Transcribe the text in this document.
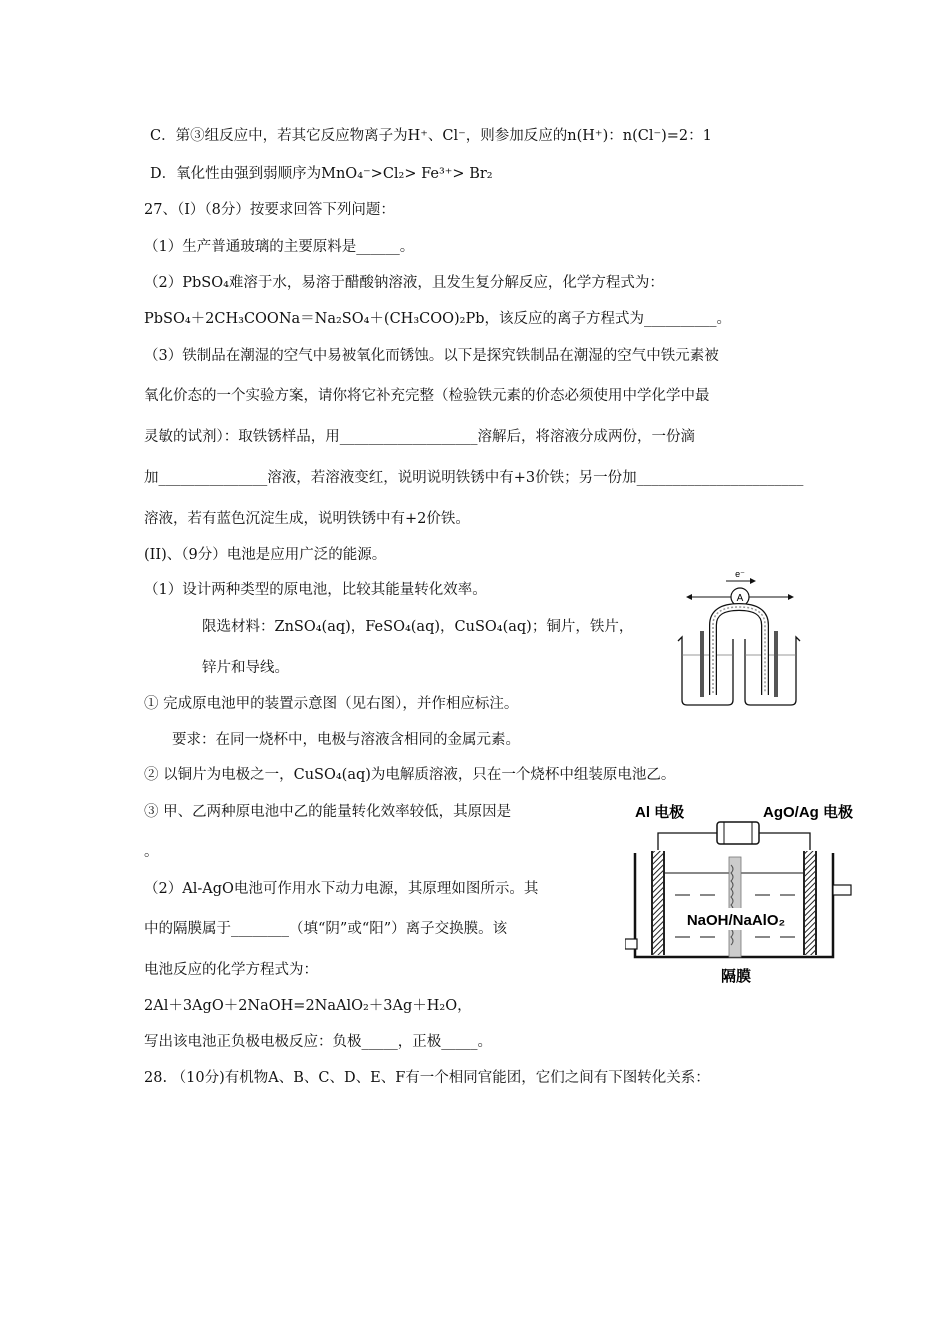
C．第③组反应中，若其它反应物离子为H⁺、Cl⁻，则参加反应的n(H⁺)：n(Cl⁻)=2：1
D．氧化性由强到弱顺序为MnO₄⁻>Cl₂> Fe³⁺> Br₂
27、（I）（8分）按要求回答下列问题：
（1）生产普通玻璃的主要原料是______。
（2）PbSO₄难溶于水，易溶于醋酸钠溶液，且发生复分解反应，化学方程式为：
PbSO₄＋2CH₃COONa＝Na₂SO₄＋(CH₃COO)₂Pb，该反应的离子方程式为__________。
（3）铁制品在潮湿的空气中易被氧化而锈蚀。以下是探究铁制品在潮湿的空气中铁元素被
氧化价态的一个实验方案，请你将它补充完整（检验铁元素的价态必须使用中学化学中最
灵敏的试剂）：取铁锈样品，用___________________溶解后，将溶液分成两份，一份滴
加_______________溶液，若溶液变红，说明说明铁锈中有+3价铁；另一份加_______________________
溶液，若有蓝色沉淀生成，说明铁锈中有+2价铁。
(II)、（9分）电池是应用广泛的能源。
（1）设计两种类型的原电池，比较其能量转化效率。
限选材料：ZnSO₄(aq)，FeSO₄(aq)，CuSO₄(aq)；铜片，铁片，
锌片和导线。
① 完成原电池甲的装置示意图（见右图），并作相应标注。
要求：在同一烧杯中，电极与溶液含相同的金属元素。
② 以铜片为电极之一，CuSO₄(aq)为电解质溶液，只在一个烧杯中组装原电池乙。
③ 甲、乙两种原电池中乙的能量转化效率较低，其原因是
。
（2）Al-AgO电池可作用水下动力电源，其原理如图所示。其
中的隔膜属于________（填“阴”或“阳”）离子交换膜。该
电池反应的化学方程式为：
2Al＋3AgO＋2NaOH=2NaAlO₂＋3Ag＋H₂O，
写出该电池正负极电极反应：负极_____，正极_____。
28. （10分)有机物A、B、C、D、E、F有一个相同官能团，它们之间有下图转化关系：
A
e⁻
Al 电极	AgO/Ag 电极
NaOH/NaAlO₂
隔膜
